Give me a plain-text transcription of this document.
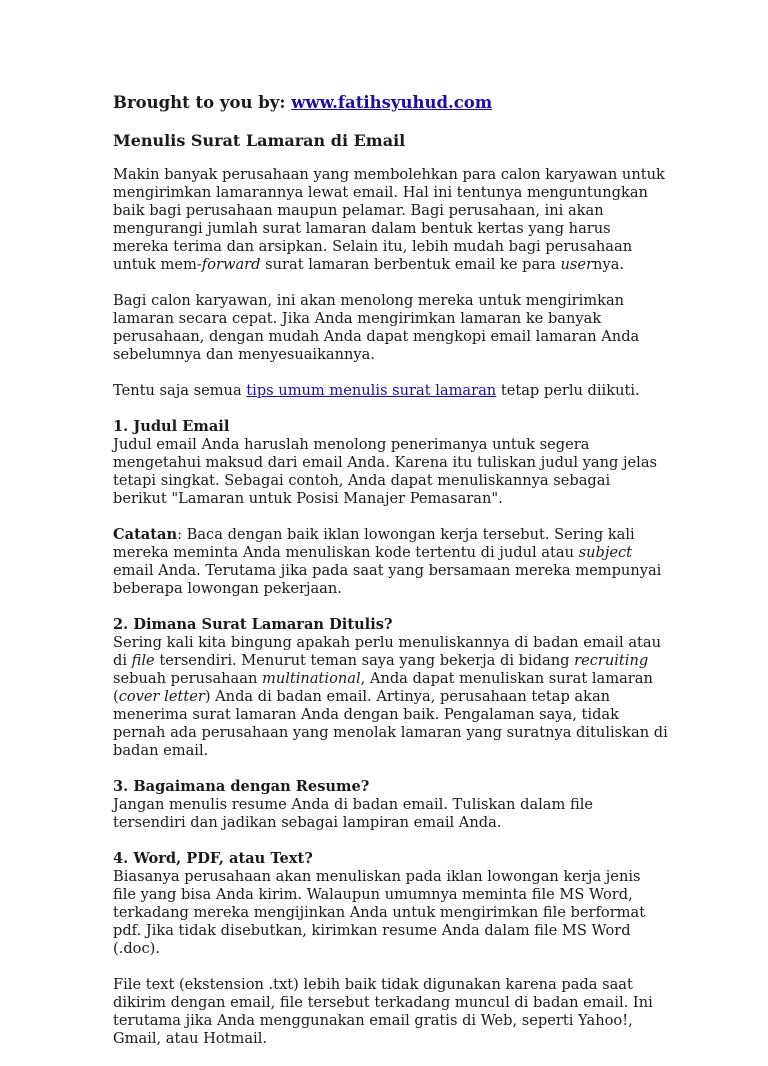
Brought to you by: www.fatihsyuhud.com
Menulis Surat Lamaran di Email

Makin banyak perusahaan yang membolehkan para calon karyawan untuk mengirimkan lamarannya lewat email. Hal ini tentunya menguntungkan baik bagi perusahaan maupun pelamar. Bagi perusahaan, ini akan mengurangi jumlah surat lamaran dalam bentuk kertas yang harus mereka terima dan arsipkan. Selain itu, lebih mudah bagi perusahaan untuk mem-forward surat lamaran berbentuk email ke para usernya.

Bagi calon karyawan, ini akan menolong mereka untuk mengirimkan lamaran secara cepat. Jika Anda mengirimkan lamaran ke banyak perusahaan, dengan mudah Anda dapat mengkopi email lamaran Anda sebelumnya dan menyesuaikannya.

Tentu saja semua tips umum menulis surat lamaran tetap perlu diikuti.

1. Judul Email
Judul email Anda haruslah menolong penerimanya untuk segera mengetahui maksud dari email Anda. Karena itu tuliskan judul yang jelas tetapi singkat. Sebagai contoh, Anda dapat menuliskannya sebagai berikut "Lamaran untuk Posisi Manajer Pemasaran".

Catatan: Baca dengan baik iklan lowongan kerja tersebut. Sering kali mereka meminta Anda menuliskan kode tertentu di judul atau subject email Anda. Terutama jika pada saat yang bersamaan mereka mempunyai beberapa lowongan pekerjaan.

2. Dimana Surat Lamaran Ditulis?
Sering kali kita bingung apakah perlu menuliskannya di badan email atau di file tersendiri. Menurut teman saya yang bekerja di bidang recruiting sebuah perusahaan multinational, Anda dapat menuliskan surat lamaran (cover letter) Anda di badan email. Artinya, perusahaan tetap akan menerima surat lamaran Anda dengan baik. Pengalaman saya, tidak pernah ada perusahaan yang menolak lamaran yang suratnya dituliskan di badan email.

3. Bagaimana dengan Resume?
Jangan menulis resume Anda di badan email. Tuliskan dalam file tersendiri dan jadikan sebagai lampiran email Anda.

4. Word, PDF, atau Text?
Biasanya perusahaan akan menuliskan pada iklan lowongan kerja jenis file yang bisa Anda kirim. Walaupun umumnya meminta file MS Word, terkadang mereka mengijinkan Anda untuk mengirimkan file berformat pdf. Jika tidak disebutkan, kirimkan resume Anda dalam file MS Word (.doc).

File text (ekstension .txt) lebih baik tidak digunakan karena pada saat dikirim dengan email, file tersebut terkadang muncul di badan email. Ini terutama jika Anda menggunakan email gratis di Web, seperti Yahoo!, Gmail, atau Hotmail.
